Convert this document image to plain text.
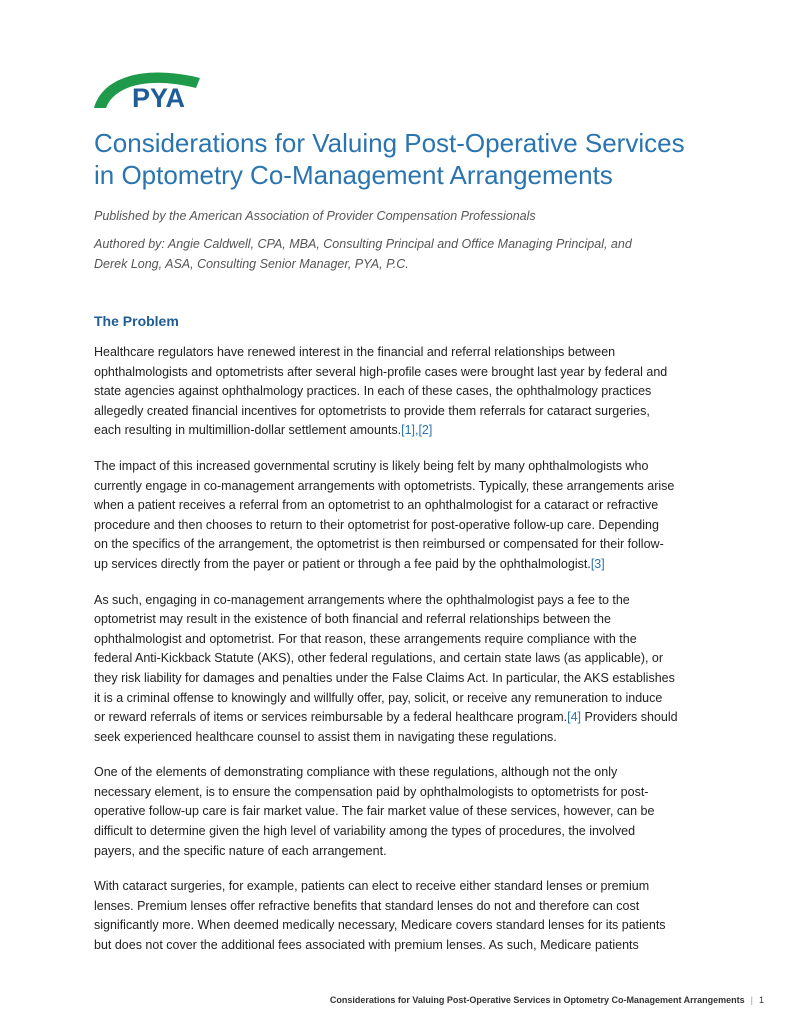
PYA
Considerations for Valuing Post-Operative Services
in Optometry Co-Management Arrangements

Published by the American Association of Provider Compensation Professionals

Authored by: Angie Caldwell, CPA, MBA, Consulting Principal and Office Managing Principal, and
Derek Long, ASA, Consulting Senior Manager, PYA, P.C.

The Problem
Healthcare regulators have renewed interest in the financial and referral relationships between
ophthalmologists and optometrists after several high-profile cases were brought last year by federal and
state agencies against ophthalmology practices. In each of these cases, the ophthalmology practices
allegedly created financial incentives for optometrists to provide them referrals for cataract surgeries,
each resulting in multimillion-dollar settlement amounts.[1],[2]
The impact of this increased governmental scrutiny is likely being felt by many ophthalmologists who
currently engage in co-management arrangements with optometrists. Typically, these arrangements arise
when a patient receives a referral from an optometrist to an ophthalmologist for a cataract or refractive
procedure and then chooses to return to their optometrist for post-operative follow-up care. Depending
on the specifics of the arrangement, the optometrist is then reimbursed or compensated for their follow-
up services directly from the payer or patient or through a fee paid by the ophthalmologist.[3]
As such, engaging in co-management arrangements where the ophthalmologist pays a fee to the
optometrist may result in the existence of both financial and referral relationships between the
ophthalmologist and optometrist. For that reason, these arrangements require compliance with the
federal Anti-Kickback Statute (AKS), other federal regulations, and certain state laws (as applicable), or
they risk liability for damages and penalties under the False Claims Act. In particular, the AKS establishes
it is a criminal offense to knowingly and willfully offer, pay, solicit, or receive any remuneration to induce
or reward referrals of items or services reimbursable by a federal healthcare program.[4] Providers should
seek experienced healthcare counsel to assist them in navigating these regulations.
One of the elements of demonstrating compliance with these regulations, although not the only
necessary element, is to ensure the compensation paid by ophthalmologists to optometrists for post-
operative follow-up care is fair market value. The fair market value of these services, however, can be
difficult to determine given the high level of variability among the types of procedures, the involved
payers, and the specific nature of each arrangement.
With cataract surgeries, for example, patients can elect to receive either standard lenses or premium
lenses. Premium lenses offer refractive benefits that standard lenses do not and therefore can cost
significantly more. When deemed medically necessary, Medicare covers standard lenses for its patients
but does not cover the additional fees associated with premium lenses. As such, Medicare patients
Considerations for Valuing Post-Operative Services in Optometry Co-Management Arrangements | 1
